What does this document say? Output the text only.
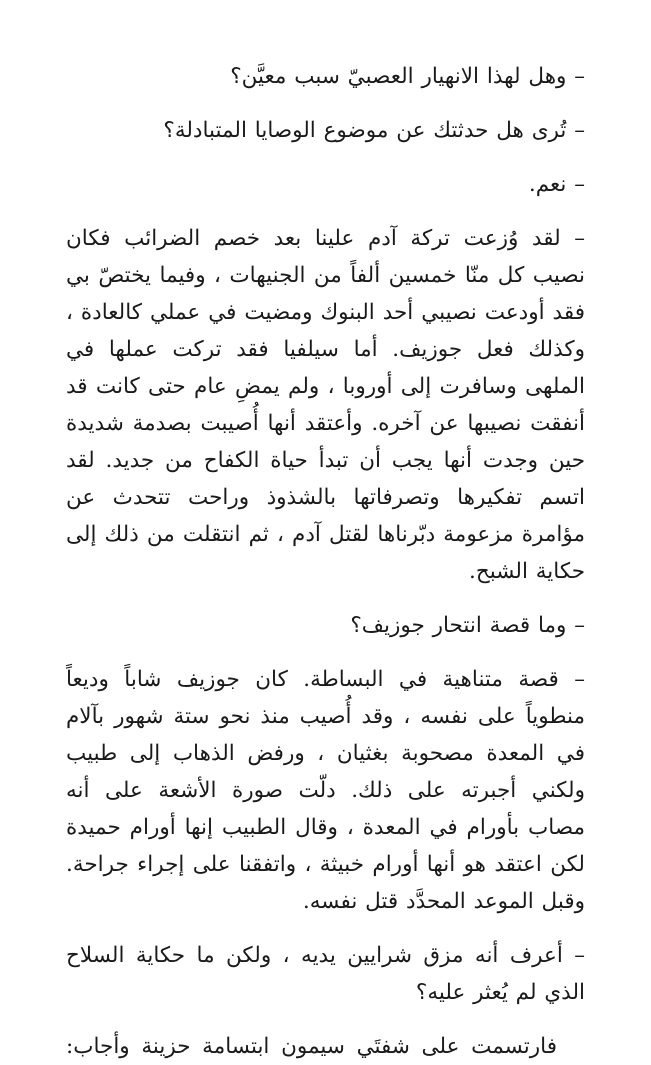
– وهل لهذا الانهيار العصبيّ سبب معيَّن؟

– تُرى هل حدثتك عن موضوع الوصايا المتبادلة؟

– نعم.

– لقد وُزعت تركة آدم علينا بعد خصم الضرائب فكان نصيب كل منّا خمسين ألفاً من الجنيهات ، وفيما يختصّ بي فقد أودعت نصيبي أحد البنوك ومضيت في عملي كالعادة ، وكذلك فعل جوزيف. أما سيلفيا فقد تركت عملها في الملهى وسافرت إلى أوروبا ، ولم يمضِ عام حتى كانت قد أنفقت نصيبها عن آخره. وأعتقد أنها أُصيبت بصدمة شديدة حين وجدت أنها يجب أن تبدأ حياة الكفاح من جديد. لقد اتسم تفكيرها وتصرفاتها بالشذوذ وراحت تتحدث عن مؤامرة مزعومة دبّرناها لقتل آدم ، ثم انتقلت من ذلك إلى حكاية الشبح.

– وما قصة انتحار جوزيف؟

– قصة متناهية في البساطة. كان جوزيف شاباً وديعاً منطوياً على نفسه ، وقد أُصيب منذ نحو ستة شهور بآلام في المعدة مصحوبة بغثيان ، ورفض الذهاب إلى طبيب ولكني أجبرته على ذلك. دلّت صورة الأشعة على أنه مصاب بأورام في المعدة ، وقال الطبيب إنها أورام حميدة لكن اعتقد هو أنها أورام خبيثة ، واتفقنا على إجراء جراحة. وقبل الموعد المحدَّد قتل نفسه.

– أعرف أنه مزق شرايين يديه ، ولكن ما حكاية السلاح الذي لم يُعثر عليه؟

فارتسمت على شفتَي سيمون ابتسامة حزينة وأجاب:
